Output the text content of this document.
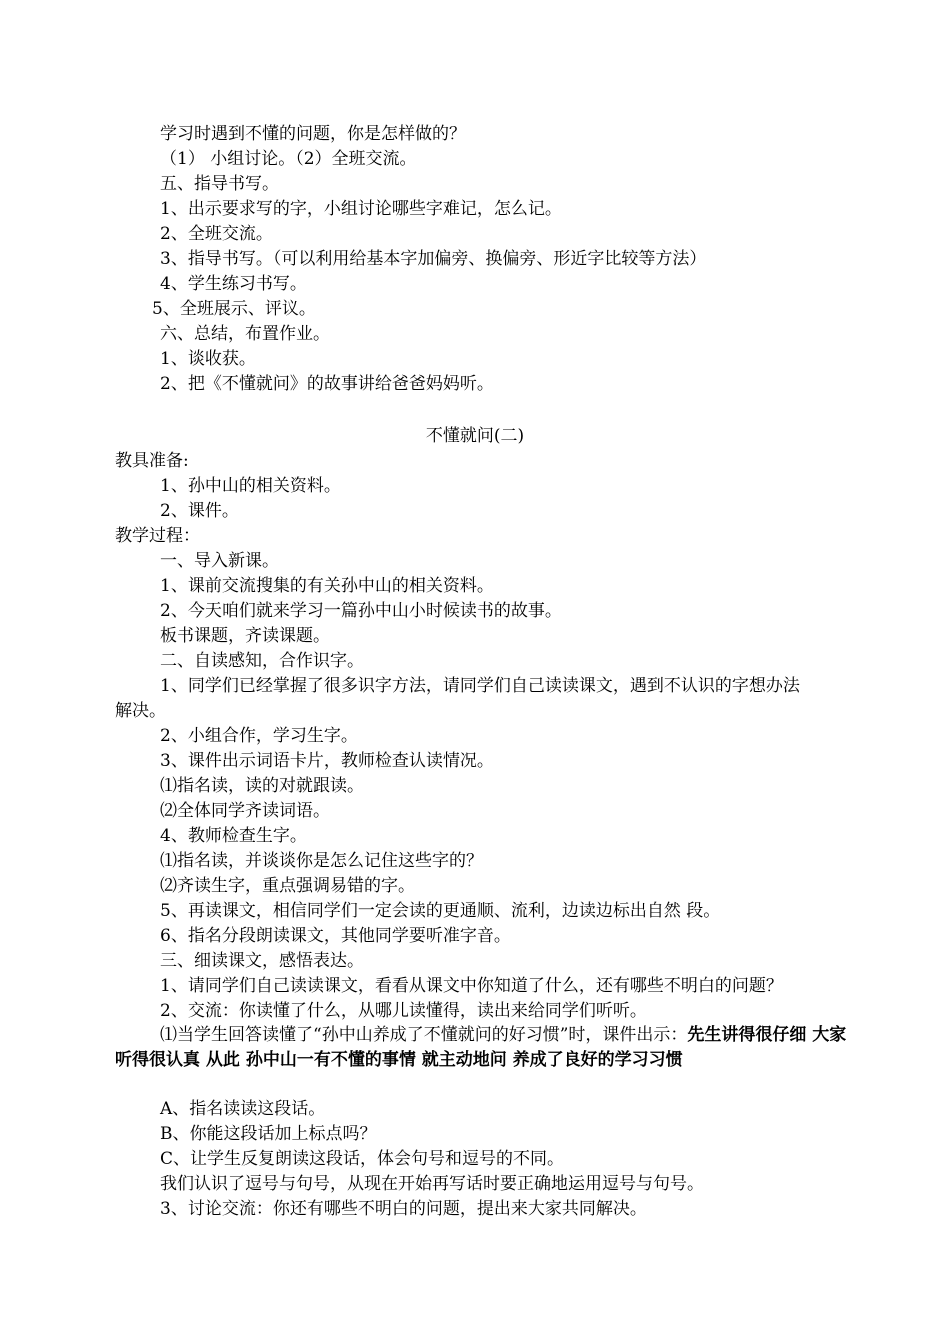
学习时遇到不懂的问题，你是怎样做的？
（1） 小组讨论。（2）全班交流。
五、指导书写。
1、出示要求写的字，小组讨论哪些字难记，怎么记。
2、全班交流。
3、指导书写。（可以利用给基本字加偏旁、换偏旁、形近字比较等方法）
4、学生练习书写。
5、全班展示、评议。
六、总结，布置作业。
1、谈收获。
2、把《不懂就问》的故事讲给爸爸妈妈听。
不懂就问(二)
教具准备:
1、孙中山的相关资料。
2、课件。
教学过程：
一、导入新课。
1、课前交流搜集的有关孙中山的相关资料。
2、今天咱们就来学习一篇孙中山小时候读书的故事。
板书课题，齐读课题。
二、自读感知，合作识字。
1、同学们已经掌握了很多识字方法，请同学们自己读读课文，遇到不认识的字想办法
解决。
2、小组合作，学习生字。
3、课件出示词语卡片，教师检查认读情况。
⑴指名读，读的对就跟读。
⑵全体同学齐读词语。
4、教师检查生字。
⑴指名读，并谈谈你是怎么记住这些字的？
⑵齐读生字，重点强调易错的字。
5、再读课文，相信同学们一定会读的更通顺、流利，边读边标出自然 段。
6、指名分段朗读课文，其他同学要听准字音。
三、细读课文，感悟表达。
1、请同学们自己读读课文，看看从课文中你知道了什么，还有哪些不明白的问题？
2、交流：你读懂了什么，从哪儿读懂得，读出来给同学们听听。
⑴当学生回答读懂了“孙中山养成了不懂就问的好习惯”时，课件出示：先生讲得很仔细 大家听得很认真 从此 孙中山一有不懂的事情 就主动地问 养成了良好的学习习惯
A、指名读读这段话。
B、你能这段话加上标点吗？
C、让学生反复朗读这段话，体会句号和逗号的不同。
我们认识了逗号与句号，从现在开始再写话时要正确地运用逗号与句号。
3、讨论交流：你还有哪些不明白的问题，提出来大家共同解决。
